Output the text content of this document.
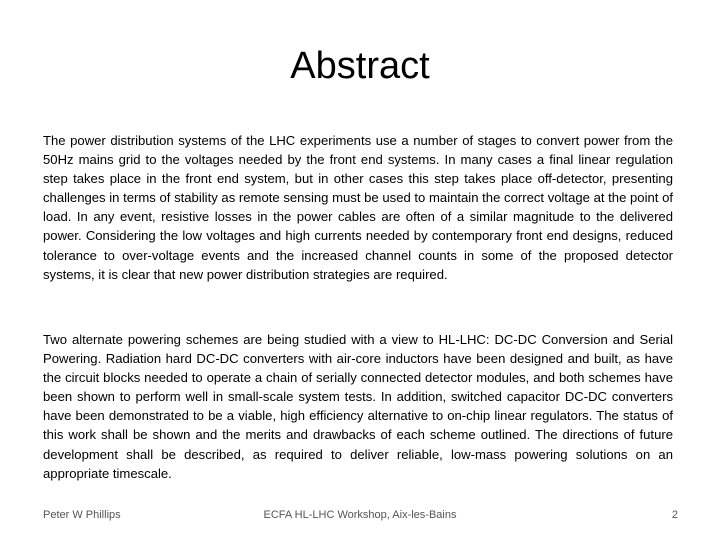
Abstract

The power distribution systems of the LHC experiments use a number of stages to convert power from the 50Hz mains grid to the voltages needed by the front end systems. In many cases a final linear regulation step takes place in the front end system, but in other cases this step takes place off-detector, presenting challenges in terms of stability as remote sensing must be used to maintain the correct voltage at the point of load. In any event, resistive losses in the power cables are often of a similar magnitude to the delivered power. Considering the low voltages and high currents needed by contemporary front end designs, reduced tolerance to over-voltage events and the increased channel counts in some of the proposed detector systems, it is clear that new power distribution strategies are required.

Two alternate powering schemes are being studied with a view to HL-LHC: DC-DC Conversion and Serial Powering. Radiation hard DC-DC converters with air-core inductors have been designed and built, as have the circuit blocks needed to operate a chain of serially connected detector modules, and both schemes have been shown to perform well in small-scale system tests. In addition, switched capacitor DC-DC converters have been demonstrated to be a viable, high efficiency alternative to on-chip linear regulators. The status of this work shall be shown and the merits and drawbacks of each scheme outlined. The directions of future development shall be described, as required to deliver reliable, low-mass powering solutions on an appropriate timescale.

ECFA HL-LHC Workshop, Aix-les-Bains
Peter W Phillips	2
